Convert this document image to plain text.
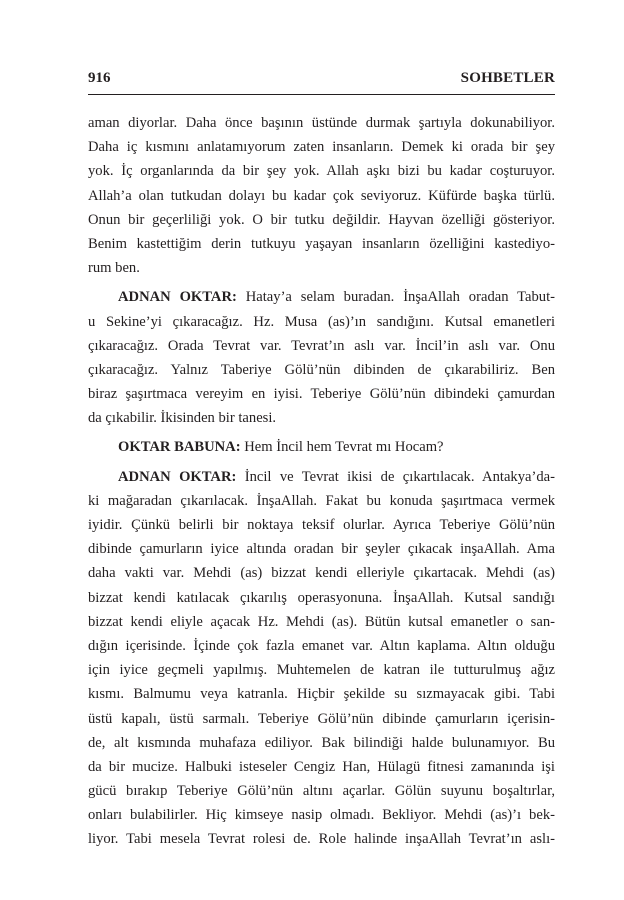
916	SOHBETLER
aman diyorlar. Daha önce başının üstünde durmak şartıyla dokunabiliyor.
Daha iç kısmını anlatamıyorum zaten insanların. Demek ki orada bir şey
yok. İç organlarında da bir şey yok. Allah aşkı bizi bu kadar coşturuyor.
Allah’a olan tutkudan dolayı bu kadar çok seviyoruz. Küfürde başka türlü.
Onun bir geçerliliği yok. O bir tutku değildir. Hayvan özelliği gösteriyor.
Benim kastettiğim derin tutkuyu yaşayan insanların özelliğini kastediyo-
rum ben.
ADNAN OKTAR: Hatay’a selam buradan. İnşaAllah oradan Tabut-
u Sekine’yi çıkaracağız. Hz. Musa (as)’ın sandığını. Kutsal emanetleri
çıkaracağız. Orada Tevrat var. Tevrat’ın aslı var. İncil’in aslı var. Onu
çıkaracağız. Yalnız Taberiye Gölü’nün dibinden de çıkarabiliriz. Ben
biraz şaşırtmaca vereyim en iyisi. Teberiye Gölü’nün dibindeki çamurdan
da çıkabilir. İkisinden bir tanesi.
OKTAR BABUNA: Hem İncil hem Tevrat mı Hocam?
ADNAN OKTAR: İncil ve Tevrat ikisi de çıkartılacak. Antakya’da-
ki mağaradan çıkarılacak. İnşaAllah. Fakat bu konuda şaşırtmaca vermek
iyidir. Çünkü belirli bir noktaya teksif olurlar. Ayrıca Teberiye Gölü’nün
dibinde çamurların iyice altında oradan bir şeyler çıkacak inşaAllah. Ama
daha vakti var. Mehdi (as) bizzat kendi elleriyle çıkartacak. Mehdi (as)
bizzat kendi katılacak çıkarılış operasyonuna. İnşaAllah. Kutsal sandığı
bizzat kendi eliyle açacak Hz. Mehdi (as). Bütün kutsal emanetler o san-
dığın içerisinde. İçinde çok fazla emanet var. Altın kaplama. Altın olduğu
için iyice geçmeli yapılmış. Muhtemelen de katran ile tutturulmuş ağız
kısmı. Balmumu veya katranla. Hiçbir şekilde su sızmayacak gibi. Tabi
üstü kapalı, üstü sarmalı. Teberiye Gölü’nün dibinde çamurların içerisin-
de, alt kısmında muhafaza ediliyor. Bak bilindiği halde bulunamıyor. Bu
da bir mucize. Halbuki isteseler Cengiz Han, Hülagü fitnesi zamanında işi
gücü bırakıp Teberiye Gölü’nün altını açarlar. Gölün suyunu boşaltırlar,
onları bulabilirler. Hiç kimseye nasip olmadı. Bekliyor. Mehdi (as)’ı bek-
liyor. Tabi mesela Tevrat rolesi de. Role halinde inşaAllah Tevrat’ın aslı-
